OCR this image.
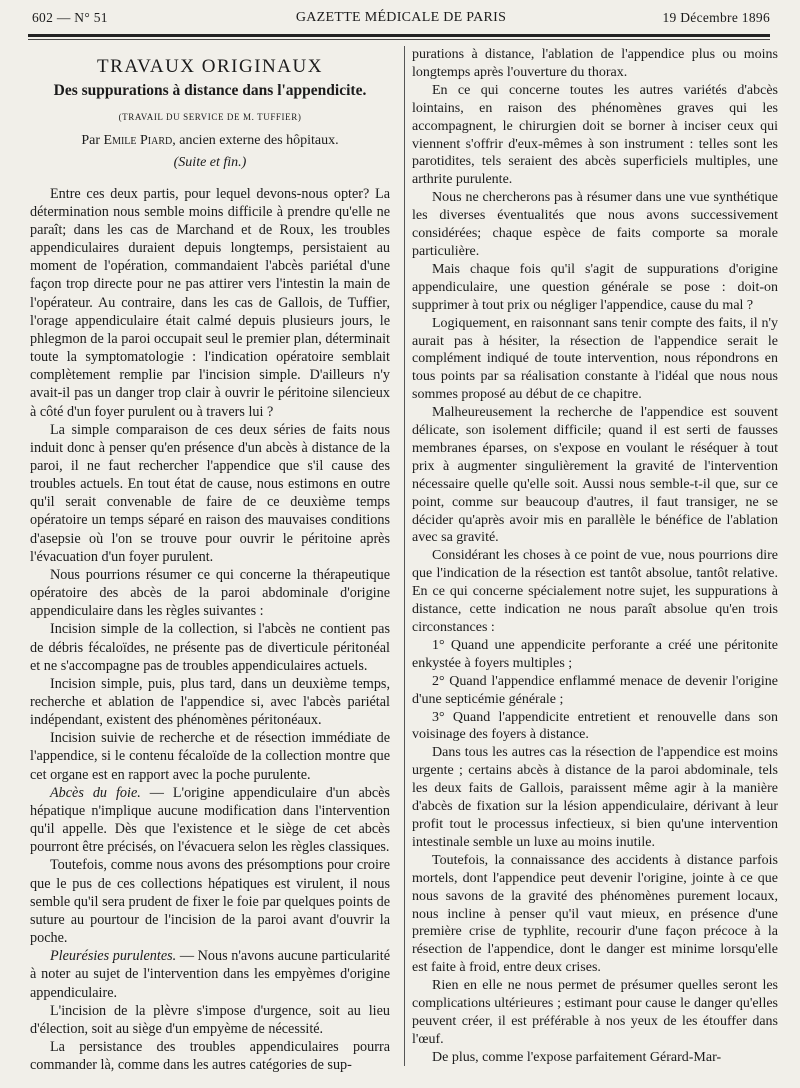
602 — N° 51	GAZETTE MÉDICALE DE PARIS	19 Décembre 1896
TRAVAUX ORIGINAUX
Des suppurations à distance dans l'appendicite.
(TRAVAIL DU SERVICE DE M. TUFFIER)
Par Emile Piard, ancien externe des hôpitaux.
(Suite et fin.)

Entre ces deux partis, pour lequel devons-nous opter? La détermination nous semble moins difficile à prendre qu'elle ne paraît; dans les cas de Marchand et de Roux, les troubles appendiculaires duraient depuis longtemps, persistaient au moment de l'opération, commandaient l'abcès pariétal d'une façon trop directe pour ne pas attirer vers l'intestin la main de l'opérateur. Au contraire, dans les cas de Gallois, de Tuffier, l'orage appendiculaire était calmé depuis plusieurs jours, le phlegmon de la paroi occupait seul le premier plan, déterminait toute la symptomatologie : l'indication opératoire semblait complètement remplie par l'incision simple. D'ailleurs n'y avait-il pas un danger trop clair à ouvrir le péritoine silencieux à côté d'un foyer purulent ou à travers lui ?

La simple comparaison de ces deux séries de faits nous induit donc à penser qu'en présence d'un abcès à distance de la paroi, il ne faut rechercher l'appendice que s'il cause des troubles actuels. En tout état de cause, nous estimons en outre qu'il serait convenable de faire de ce deuxième temps opératoire un temps séparé en raison des mauvaises conditions d'asepsie où l'on se trouve pour ouvrir le péritoine après l'évacuation d'un foyer purulent.

Nous pourrions résumer ce qui concerne la thérapeutique opératoire des abcès de la paroi abdominale d'origine appendiculaire dans les règles suivantes :

Incision simple de la collection, si l'abcès ne contient pas de débris fécaloïdes, ne présente pas de diverticule péritonéal et ne s'accompagne pas de troubles appendiculaires actuels.

Incision simple, puis, plus tard, dans un deuxième temps, recherche et ablation de l'appendice si, avec l'abcès pariétal indépendant, existent des phénomènes péritonéaux.

Incision suivie de recherche et de résection immédiate de l'appendice, si le contenu fécaloïde de la collection montre que cet organe est en rapport avec la poche purulente.

Abcès du foie. — L'origine appendiculaire d'un abcès hépatique n'implique aucune modification dans l'intervention qu'il appelle. Dès que l'existence et le siège de cet abcès pourront être précisés, on l'évacuera selon les règles classiques.

Toutefois, comme nous avons des présomptions pour croire que le pus de ces collections hépatiques est virulent, il nous semble qu'il sera prudent de fixer le foie par quelques points de suture au pourtour de l'incision de la paroi avant d'ouvrir la poche.

Pleurésies purulentes. — Nous n'avons aucune particularité à noter au sujet de l'intervention dans les empyèmes d'origine appendiculaire.

L'incision de la plèvre s'impose d'urgence, soit au lieu d'élection, soit au siège d'un empyème de nécessité.

La persistance des troubles appendiculaires pourra commander là, comme dans les autres catégories de sup-

purations à distance, l'ablation de l'appendice plus ou moins longtemps après l'ouverture du thorax.

En ce qui concerne toutes les autres variétés d'abcès lointains, en raison des phénomènes graves qui les accompagnent, le chirurgien doit se borner à inciser ceux qui viennent s'offrir d'eux-mêmes à son instrument : telles sont les parotidites, tels seraient des abcès superficiels multiples, une arthrite purulente.

Nous ne chercherons pas à résumer dans une vue synthétique les diverses éventualités que nous avons successivement considérées; chaque espèce de faits comporte sa morale particulière.

Mais chaque fois qu'il s'agit de suppurations d'origine appendiculaire, une question générale se pose : doit-on supprimer à tout prix ou négliger l'appendice, cause du mal ?

Logiquement, en raisonnant sans tenir compte des faits, il n'y aurait pas à hésiter, la résection de l'appendice serait le complément indiqué de toute intervention, nous répondrons en tous points par sa réalisation constante à l'idéal que nous nous sommes proposé au début de ce chapitre.

Malheureusement la recherche de l'appendice est souvent délicate, son isolement difficile; quand il est serti de fausses membranes éparses, on s'expose en voulant le réséquer à tout prix à augmenter singulièrement la gravité de l'intervention nécessaire quelle qu'elle soit. Aussi nous semble-t-il que, sur ce point, comme sur beaucoup d'autres, il faut transiger, ne se décider qu'après avoir mis en parallèle le bénéfice de l'ablation avec sa gravité.

Considérant les choses à ce point de vue, nous pourrions dire que l'indication de la résection est tantôt absolue, tantôt relative. En ce qui concerne spécialement notre sujet, les suppurations à distance, cette indication ne nous paraît absolue qu'en trois circonstances :

1° Quand une appendicite perforante a créé une péritonite enkystée à foyers multiples ;

2° Quand l'appendice enflammé menace de devenir l'origine d'une septicémie générale ;

3° Quand l'appendicite entretient et renouvelle dans son voisinage des foyers à distance.

Dans tous les autres cas la résection de l'appendice est moins urgente ; certains abcès à distance de la paroi abdominale, tels les deux faits de Gallois, paraissent même agir à la manière d'abcès de fixation sur la lésion appendiculaire, dérivant à leur profit tout le processus infectieux, si bien qu'une intervention intestinale semble un luxe au moins inutile.

Toutefois, la connaissance des accidents à distance parfois mortels, dont l'appendice peut devenir l'origine, jointe à ce que nous savons de la gravité des phénomènes purement locaux, nous incline à penser qu'il vaut mieux, en présence d'une première crise de typhlite, recourir d'une façon précoce à la résection de l'appendice, dont le danger est minime lorsqu'elle est faite à froid, entre deux crises.

Rien en elle ne nous permet de présumer quelles seront les complications ultérieures ; estimant pour cause le danger qu'elles peuvent créer, il est préférable à nos yeux de les étouffer dans l'œuf.

De plus, comme l'expose parfaitement Gérard-Mar-
